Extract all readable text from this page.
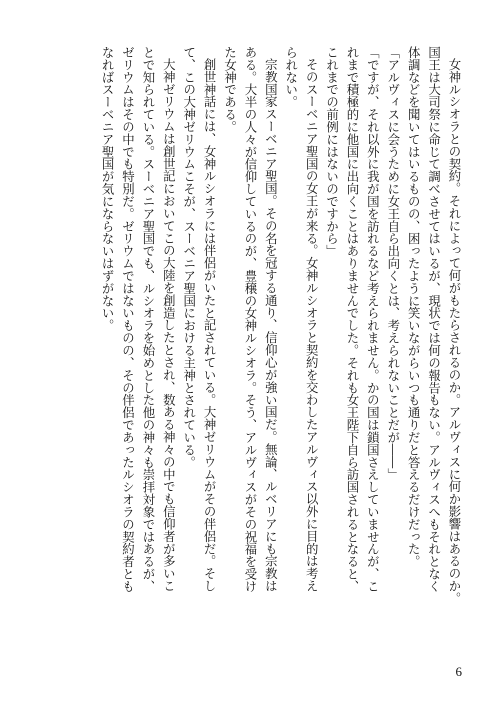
女神ルシオラとの契約。それによって何がもたらされるのか。アルヴィスに何か影響はあるのか。
国王は大司祭に命じて調べさせてはいるが、現状では何の報告もない。アルヴィスへもそれとなく
体調などを聞いてはいるものの、困ったように笑いながらいつも通りだと答えるだけだった。
「アルヴィスに会うために女王自ら出向くとは、考えられないことだが――」
「ですが、それ以外に我が国を訪れるなど考えられません。かの国は鎖国さえしていませんが、こ
れまで積極的に他国に出向くことはありませんでした。それも女王陛下自ら訪国されるとなると、
これまでの前例にはないのですから」
そのスーベニア聖国の女王が来る。女神ルシオラと契約を交わしたアルヴィス以外に目的は考え
られない。
宗教国家スーベニア聖国。その名を冠する通り、信仰心が強い国だ。無論、ルベリアにも宗教は
ある。大半の人々が信仰しているのが、豊穣の女神ルシオラ。そう、アルヴィスがその祝福を受け
た女神である。
創世神話には、女神ルシオラには伴侶がいたと記されている。大神ゼリウムがその伴侶だ。そし
て、この大神ゼリウムこそが、スーベニア聖国における主神とされている。
大神ゼリウムは創世記においてこの大陸を創造したとされ、数ある神々の中でも信仰者が多いこ
とで知られている。スーベニア聖国でも、ルシオラを始めとした他の神々も崇拝対象ではあるが、
ゼリウムはその中でも特別だ。ゼリウムではないものの、その伴侶であったルシオラの契約者とも
なればスーベニア聖国が気にならないはずがない。
6
